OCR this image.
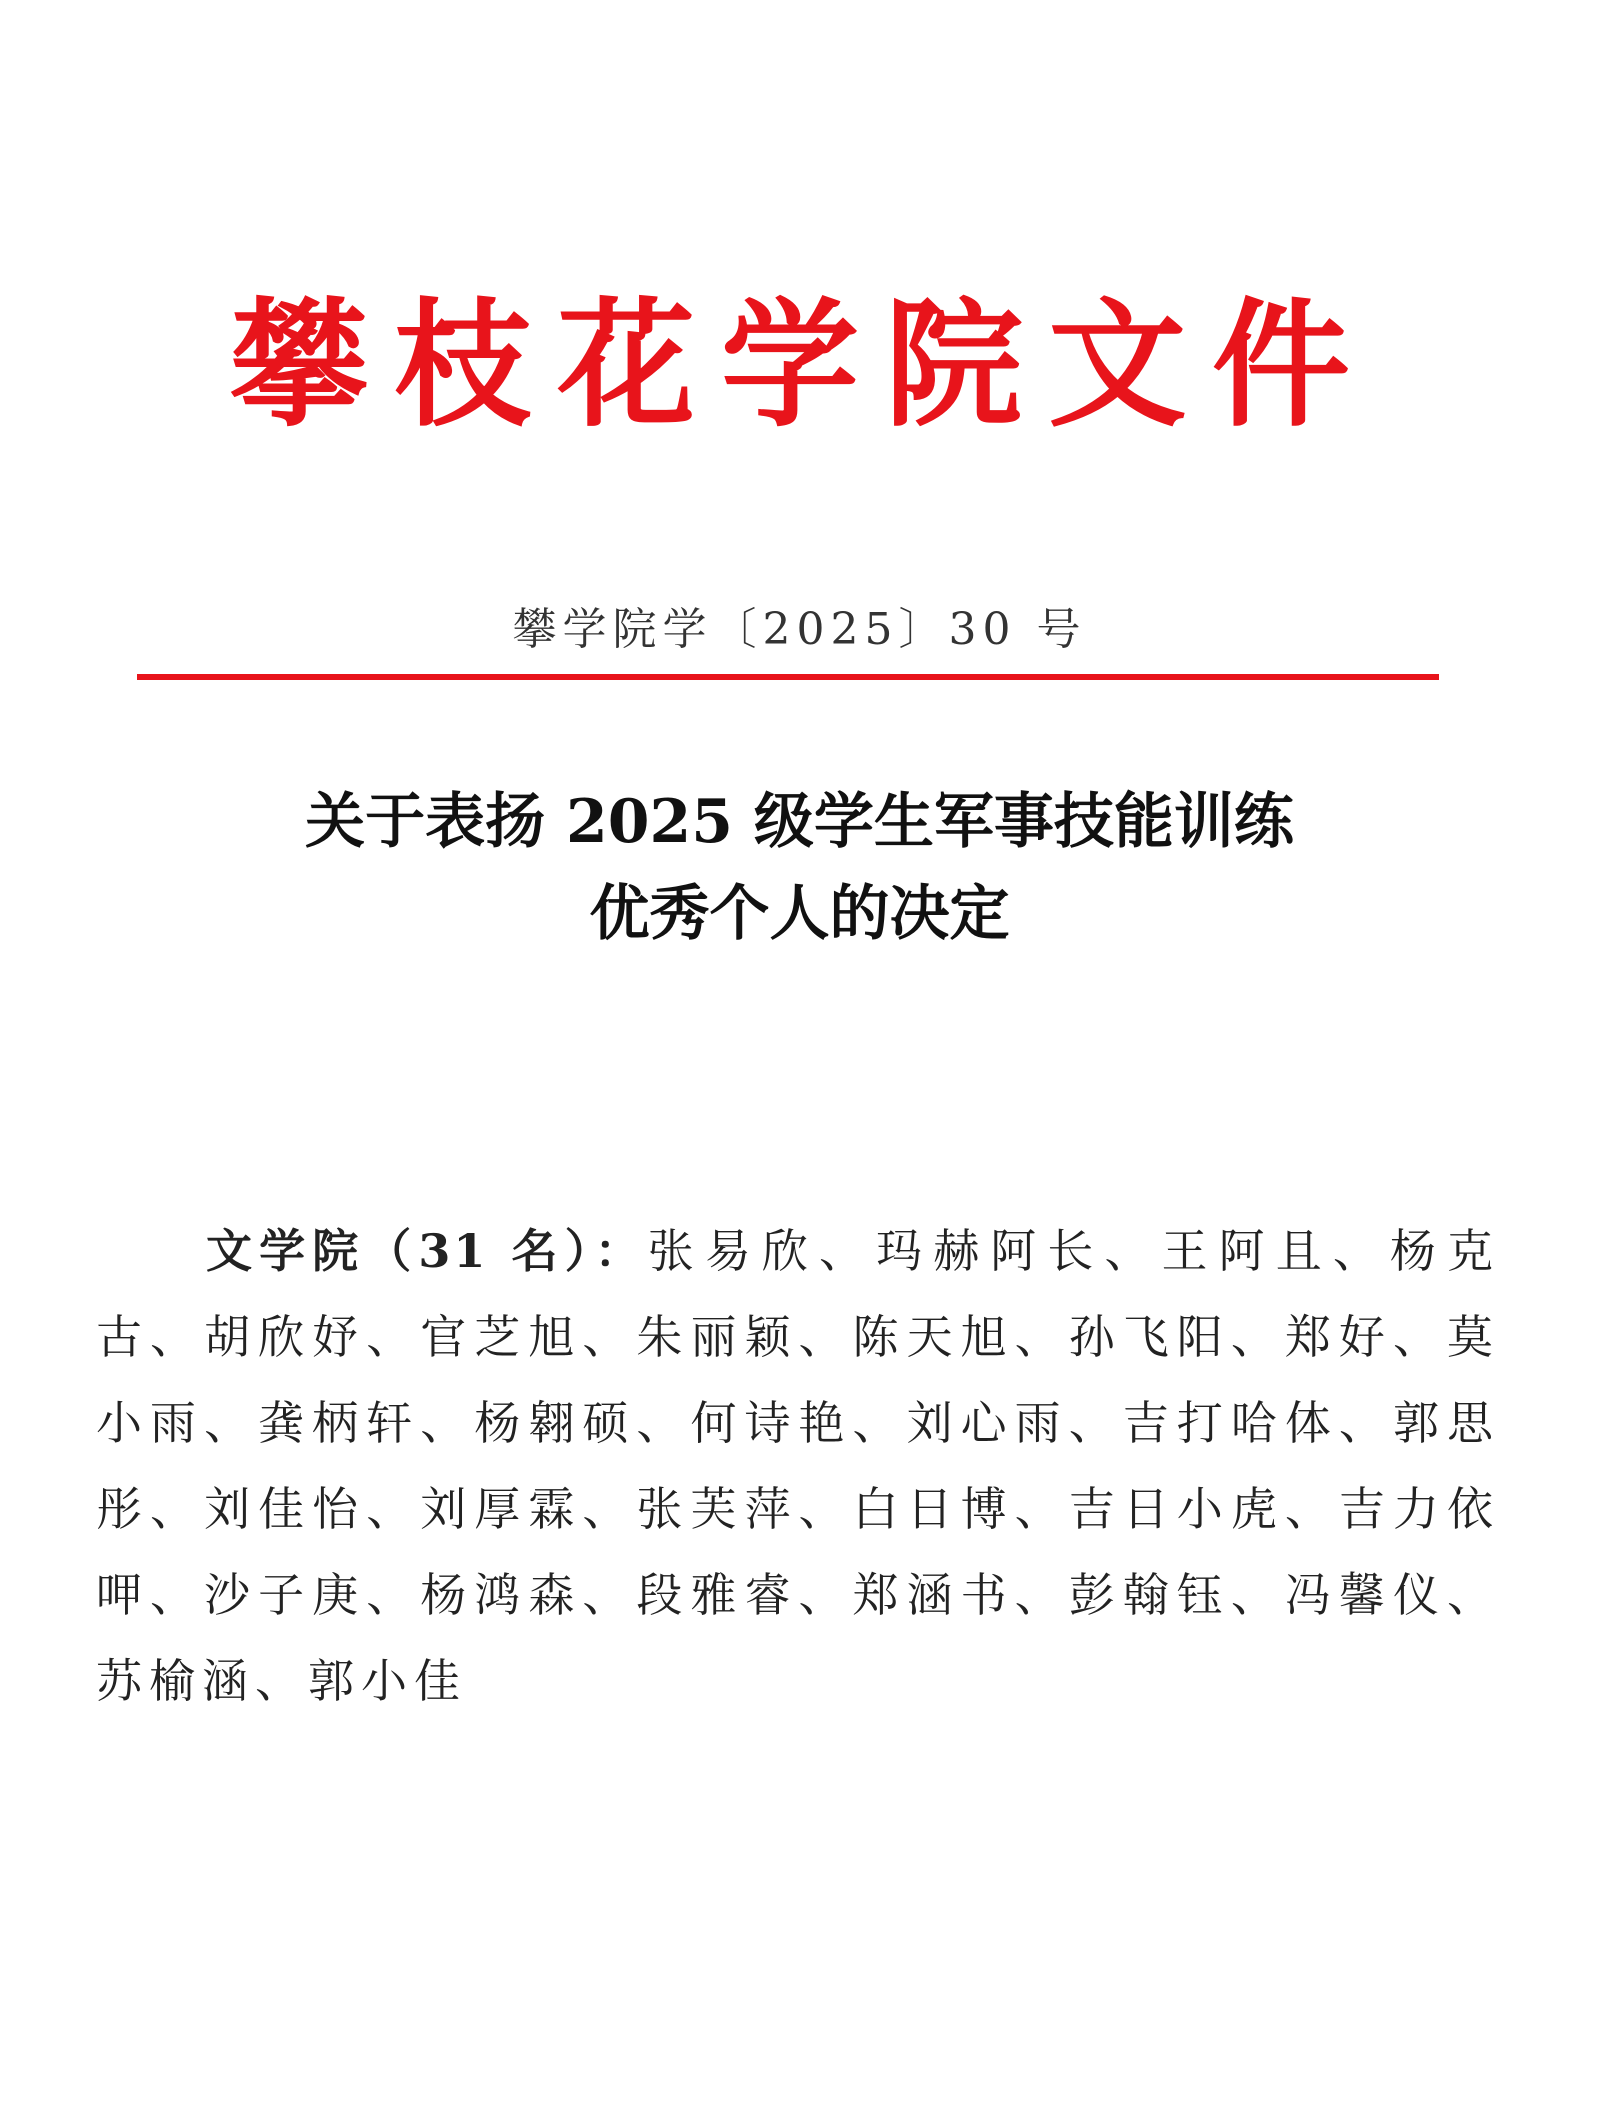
攀 枝 花 学 院 文 件
攀学院学〔2025〕30 号
关于表扬 2025 级学生军事技能训练
优秀个人的决定
文学院（31 名）：张易欣、玛赫阿长、王阿且、杨克古、胡欣妤、官芝旭、朱丽颖、陈天旭、孙飞阳、郑好、莫小雨、龚柄轩、杨翱硕、何诗艳、刘心雨、吉打哈体、郭思彤、刘佳怡、刘厚霖、张芙萍、白日博、吉日小虎、吉力依呷、沙子庚、杨鸿森、段雅睿、郑涵书、彭翰钰、冯馨仪、苏榆涵、郭小佳
